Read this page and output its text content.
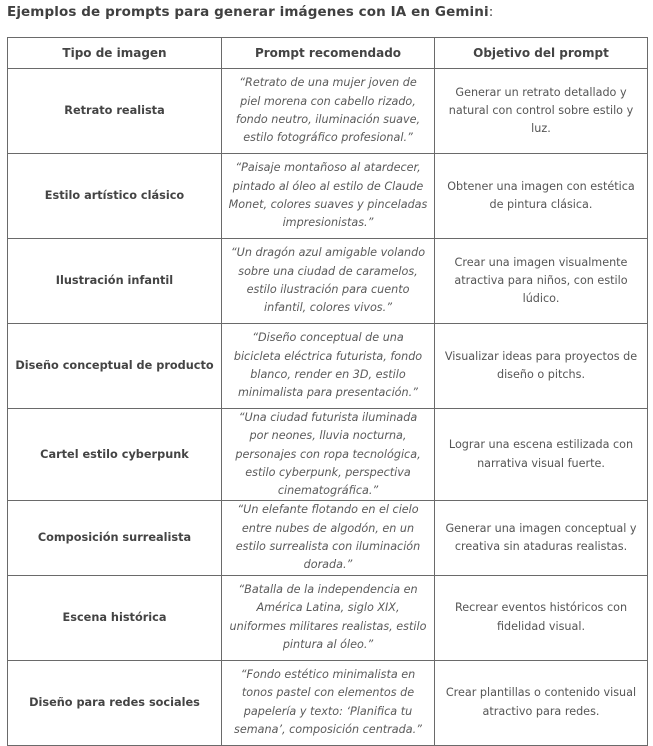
Ejemplos de prompts para generar imágenes con IA en Gemini:
Tipo de imagen	Prompt recomendado	Objetivo del prompt
Retrato realista	“Retrato de una mujer joven de piel morena con cabello rizado, fondo neutro, iluminación suave, estilo fotográfico profesional.”	Generar un retrato detallado y natural con control sobre estilo y luz.
Estilo artístico clásico	“Paisaje montañoso al atardecer, pintado al óleo al estilo de Claude Monet, colores suaves y pinceladas impresionistas.”	Obtener una imagen con estética de pintura clásica.
Ilustración infantil	“Un dragón azul amigable volando sobre una ciudad de caramelos, estilo ilustración para cuento infantil, colores vivos.”	Crear una imagen visualmente atractiva para niños, con estilo lúdico.
Diseño conceptual de producto	“Diseño conceptual de una bicicleta eléctrica futurista, fondo blanco, render en 3D, estilo minimalista para presentación.”	Visualizar ideas para proyectos de diseño o pitchs.
Cartel estilo cyberpunk	“Una ciudad futurista iluminada por neones, lluvia nocturna, personajes con ropa tecnológica, estilo cyberpunk, perspectiva cinematográfica.”	Lograr una escena estilizada con narrativa visual fuerte.
Composición surrealista	“Un elefante flotando en el cielo entre nubes de algodón, en un estilo surrealista con iluminación dorada.”	Generar una imagen conceptual y creativa sin ataduras realistas.
Escena histórica	“Batalla de la independencia en América Latina, siglo XIX, uniformes militares realistas, estilo pintura al óleo.”	Recrear eventos históricos con fidelidad visual.
Diseño para redes sociales	“Fondo estético minimalista en tonos pastel con elementos de papelería y texto: ‘Planifica tu semana’, composición centrada.”	Crear plantillas o contenido visual atractivo para redes.
